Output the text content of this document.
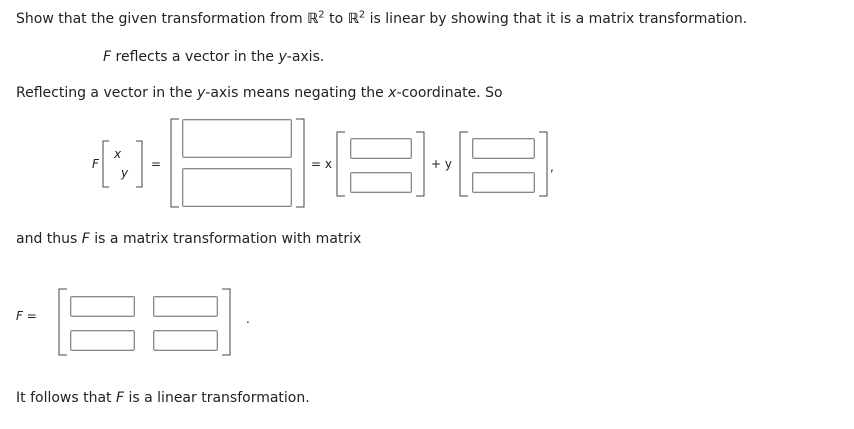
Show that the given transformation from ℝ$^2$ to ℝ$^2$ is linear by showing that it is a matrix transformation.
F reflects a vector in the y-axis.
Reflecting a vector in the y-axis means negating the x-coordinate. So
F
x
y
=	= x	+ y	,
and thus F is a matrix transformation with matrix
F =	.
It follows that F is a linear transformation.
